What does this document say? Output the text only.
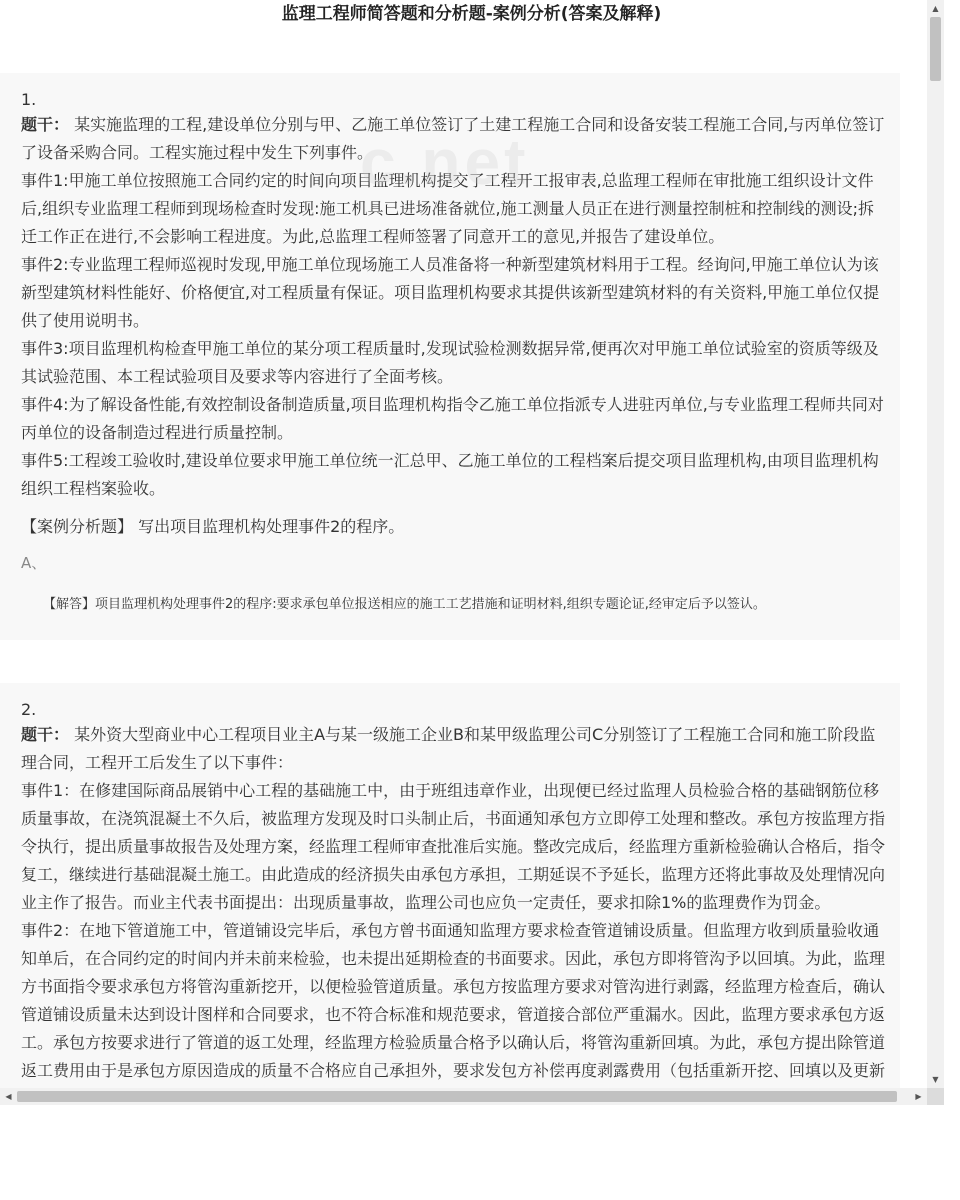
监理工程师简答题和分析题-案例分析(答案及解释)
c.net
1.

题干： 某实施监理的工程,建设单位分别与甲、乙施工单位签订了土建工程施工合同和设备安装工程施工合同,与丙单位签订了设备采购合同。工程实施过程中发生下列事件。

事件1:甲施工单位按照施工合同约定的时间向项目监理机构提交了工程开工报审表,总监理工程师在审批施工组织设计文件后,组织专业监理工程师到现场检查时发现:施工机具已进场准备就位,施工测量人员正在进行测量控制桩和控制线的测设;拆迁工作正在进行,不会影响工程进度。为此,总监理工程师签署了同意开工的意见,并报告了建设单位。

事件2:专业监理工程师巡视时发现,甲施工单位现场施工人员准备将一种新型建筑材料用于工程。经询问,甲施工单位认为该新型建筑材料性能好、价格便宜,对工程质量有保证。项目监理机构要求其提供该新型建筑材料的有关资料,甲施工单位仅提供了使用说明书。

事件3:项目监理机构检查甲施工单位的某分项工程质量时,发现试验检测数据异常,便再次对甲施工单位试验室的资质等级及其试验范围、本工程试验项目及要求等内容进行了全面考核。

事件4:为了解设备性能,有效控制设备制造质量,项目监理机构指令乙施工单位指派专人进驻丙单位,与专业监理工程师共同对丙单位的设备制造过程进行质量控制。

事件5:工程竣工验收时,建设单位要求甲施工单位统一汇总甲、乙施工单位的工程档案后提交项目监理机构,由项目监理机构组织工程档案验收。

【案例分析题】 写出项目监理机构处理事件2的程序。

A、
【解答】项目监理机构处理事件2的程序:要求承包单位报送相应的施工工艺措施和证明材料,组织专题论证,经审定后予以签认。
2.

题干： 某外资大型商业中心工程项目业主A与某一级施工企业B和某甲级监理公司C分别签订了工程施工合同和施工阶段监理合同，工程开工后发生了以下事件：

事件1：在修建国际商品展销中心工程的基础施工中，由于班组违章作业，出现便已经过监理人员检验合格的基础钢筋位移质量事故，在浇筑混凝土不久后，被监理方发现及时口头制止后，书面通知承包方立即停工处理和整改。承包方按监理方指令执行，提出质量事故报告及处理方案，经监理工程师审查批准后实施。整改完成后，经监理方重新检验确认合格后，指令复工，继续进行基础混凝土施工。由此造成的经济损失由承包方承担，工期延误不予延长，监理方还将此事故及处理情况向业主作了报告。而业主代表书面提出：出现质量事故，监理公司也应负一定责任，要求扣除1%的监理费作为罚金。

事件2：在地下管道施工中，管道铺设完毕后，承包方曾书面通知监理方要求检查管道铺设质量。但监理方收到质量验收通知单后，在合同约定的时间内并未前来检验，也未提出延期检查的书面要求。因此，承包方即将管沟予以回填。为此，监理方书面指令要求承包方将管沟重新挖开，以便检验管道质量。承包方按监理方要求对管沟进行剥露，经监理方检查后，确认管道铺设质量未达到设计图样和合同要求，也不符合标准和规范要求，管道接合部位严重漏水。因此，监理方要求承包方返工。承包方按要求进行了管道的返工处理，经监理方检验质量合格予以确认后，将管沟重新回填。为此，承包方提出除管道返工费用由于是承包方原因造成的质量不合格应自己承担外，要求发包方补偿再度剥露费用（包括重新开挖、回填以及更新

▲
▼
◀	▶
